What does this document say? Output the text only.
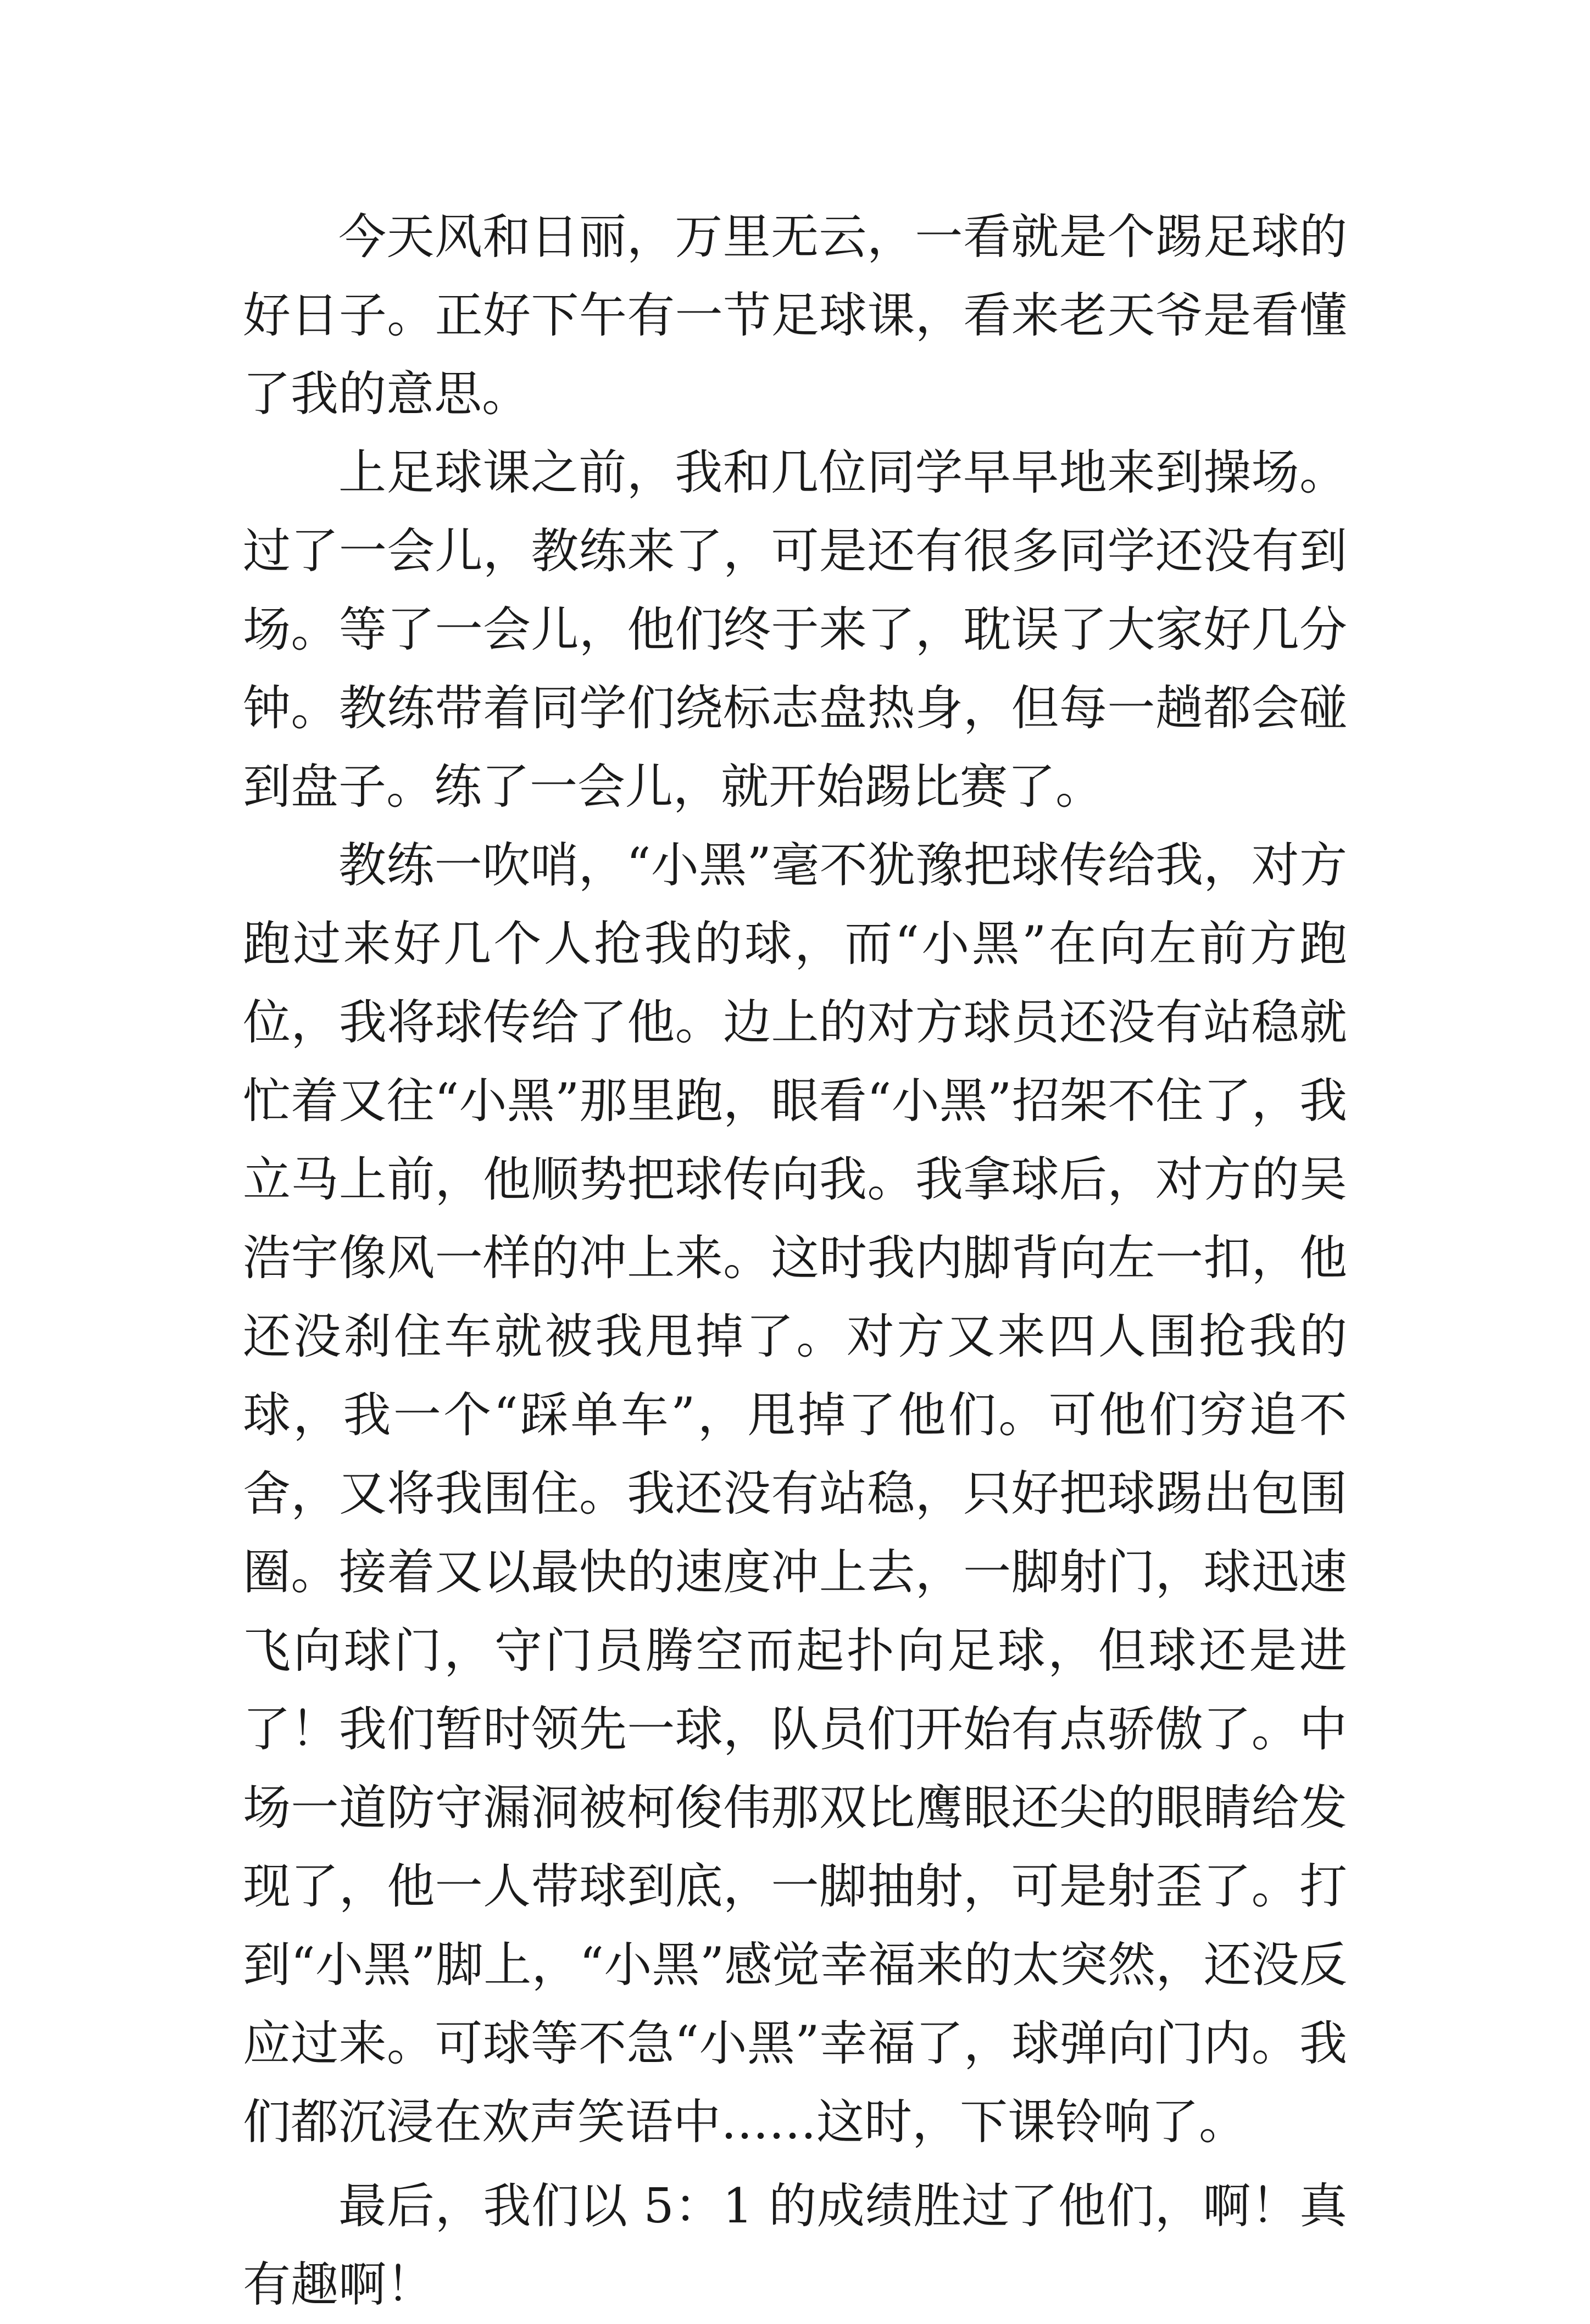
今天风和日丽，万里无云，一看就是个踢足球的好日子。正好下午有一节足球课，看来老天爷是看懂了我的意思。

上足球课之前，我和几位同学早早地来到操场。过了一会儿，教练来了，可是还有很多同学还没有到场。等了一会儿，他们终于来了，耽误了大家好几分钟。教练带着同学们绕标志盘热身，但每一趟都会碰到盘子。练了一会儿，就开始踢比赛了。

教练一吹哨，“小黑”毫不犹豫把球传给我，对方跑过来好几个人抢我的球，而“小黑”在向左前方跑位，我将球传给了他。边上的对方球员还没有站稳就忙着又往“小黑”那里跑，眼看“小黑”招架不住了，我立马上前，他顺势把球传向我。我拿球后，对方的吴浩宇像风一样的冲上来。这时我内脚背向左一扣，他还没刹住车就被我甩掉了。对方又来四人围抢我的球，我一个“踩单车”，甩掉了他们。可他们穷追不舍，又将我围住。我还没有站稳，只好把球踢出包围圈。接着又以最快的速度冲上去，一脚射门，球迅速飞向球门，守门员腾空而起扑向足球，但球还是进了！我们暂时领先一球，队员们开始有点骄傲了。中场一道防守漏洞被柯俊伟那双比鹰眼还尖的眼睛给发现了，他一人带球到底，一脚抽射，可是射歪了。打到“小黑”脚上，“小黑”感觉幸福来的太突然，还没反应过来。可球等不急“小黑”幸福了，球弹向门内。我们都沉浸在欢声笑语中……这时，下课铃响了。

最后，我们以 5：1 的成绩胜过了他们，啊！真有趣啊！
